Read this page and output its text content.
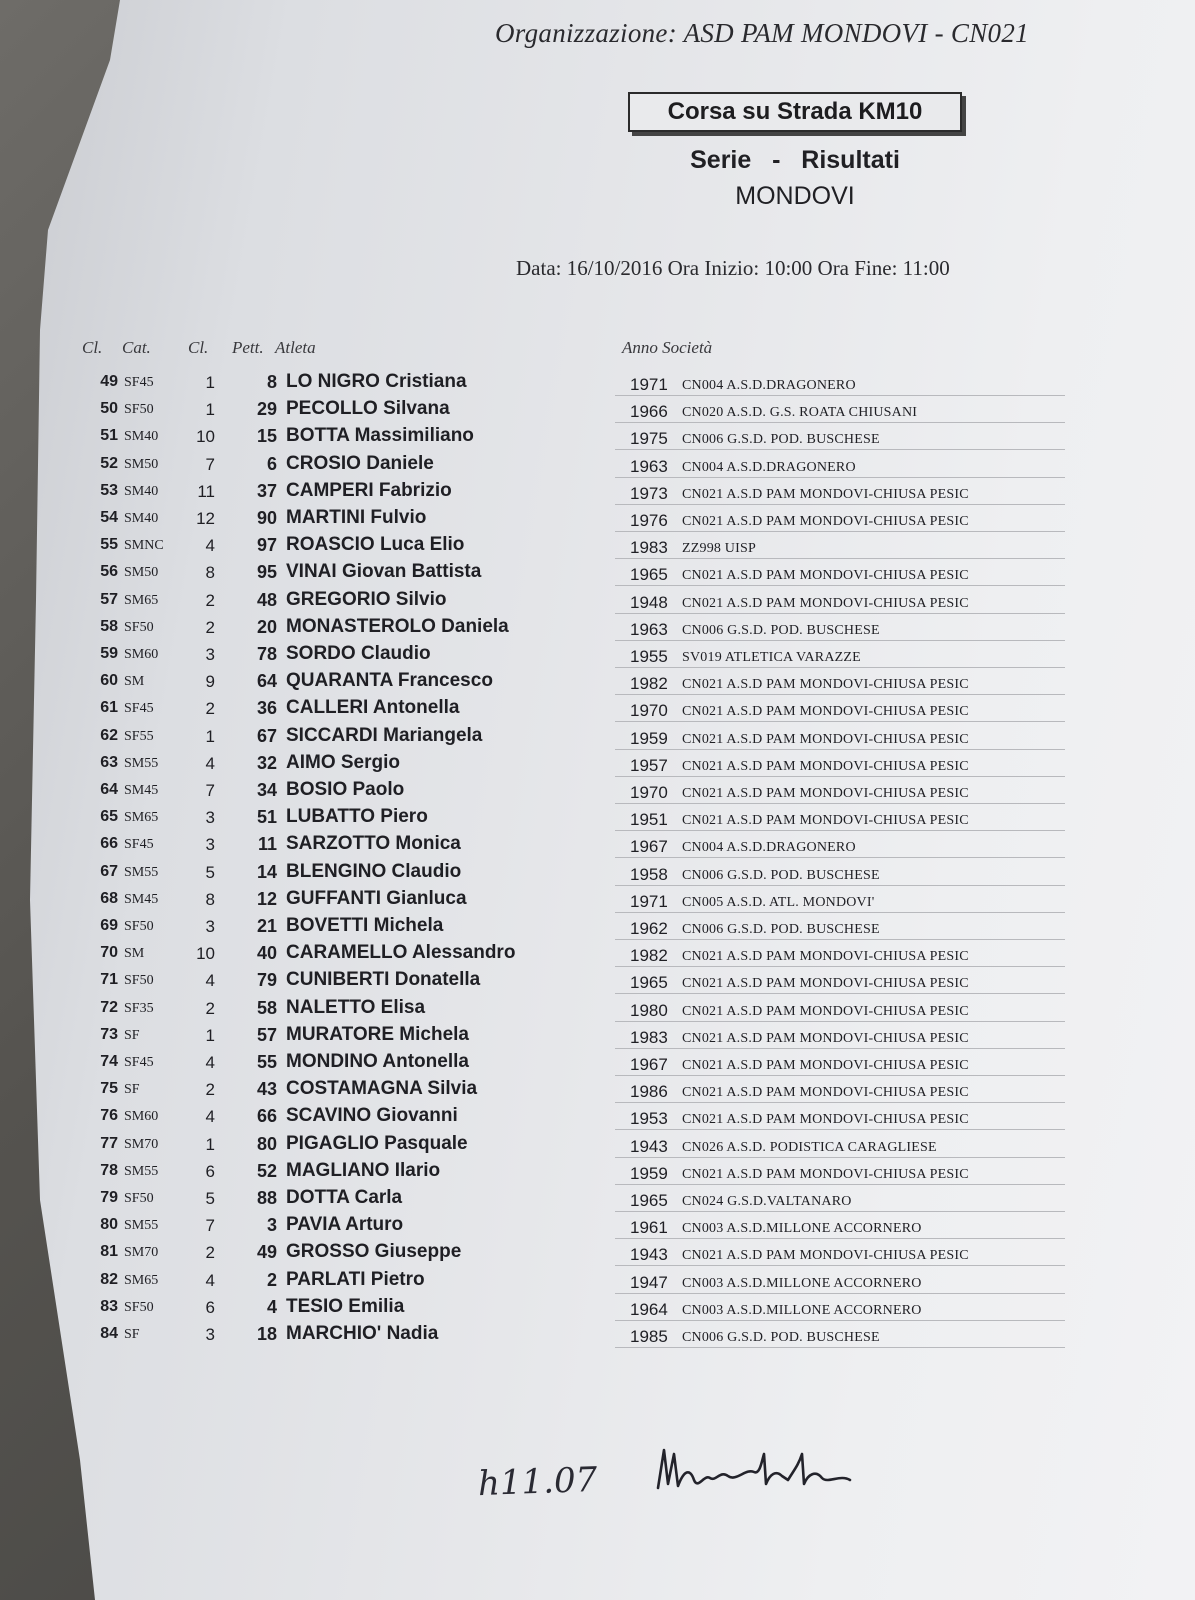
Organizzazione: ASD PAM MONDOVI - CN021
Corsa su Strada KM10
Serie   -   Risultati
MONDOVI
Data: 16/10/2016 Ora Inizio: 10:00 Ora Fine: 11:00
Cl. Cat. Cl. Pett. Atleta	Anno Società
49 SF45	1	8 LO NIGRO Cristiana	1971 CN004 A.S.D.DRAGONERO
50 SF50	1	29 PECOLLO Silvana	1966 CN020 A.S.D. G.S. ROATA CHIUSANI
51 SM40	10	15 BOTTA Massimiliano	1975 CN006 G.S.D. POD. BUSCHESE
52 SM50	7	6 CROSIO Daniele	1963 CN004 A.S.D.DRAGONERO
53 SM40	11	37 CAMPERI Fabrizio	1973 CN021 A.S.D PAM MONDOVI-CHIUSA PESIC
54 SM40	12	90 MARTINI Fulvio	1976 CN021 A.S.D PAM MONDOVI-CHIUSA PESIC
55 SMNC	4	97 ROASCIO Luca Elio	1983 ZZ998 UISP
56 SM50	8	95 VINAI Giovan Battista	1965 CN021 A.S.D PAM MONDOVI-CHIUSA PESIC
57 SM65	2	48 GREGORIO Silvio	1948 CN021 A.S.D PAM MONDOVI-CHIUSA PESIC
58 SF50	2	20 MONASTEROLO Daniela	1963 CN006 G.S.D. POD. BUSCHESE
59 SM60	3	78 SORDO Claudio	1955 SV019 ATLETICA VARAZZE
60 SM	9	64 QUARANTA Francesco	1982 CN021 A.S.D PAM MONDOVI-CHIUSA PESIC
61 SF45	2	36 CALLERI Antonella	1970 CN021 A.S.D PAM MONDOVI-CHIUSA PESIC
62 SF55	1	67 SICCARDI Mariangela	1959 CN021 A.S.D PAM MONDOVI-CHIUSA PESIC
63 SM55	4	32 AIMO Sergio	1957 CN021 A.S.D PAM MONDOVI-CHIUSA PESIC
64 SM45	7	34 BOSIO Paolo	1970 CN021 A.S.D PAM MONDOVI-CHIUSA PESIC
65 SM65	3	51 LUBATTO Piero	1951 CN021 A.S.D PAM MONDOVI-CHIUSA PESIC
66 SF45	3	11 SARZOTTO Monica	1967 CN004 A.S.D.DRAGONERO
67 SM55	5	14 BLENGINO Claudio	1958 CN006 G.S.D. POD. BUSCHESE
68 SM45	8	12 GUFFANTI Gianluca	1971 CN005 A.S.D. ATL. MONDOVI'
69 SF50	3	21 BOVETTI Michela	1962 CN006 G.S.D. POD. BUSCHESE
70 SM	10	40 CARAMELLO Alessandro	1982 CN021 A.S.D PAM MONDOVI-CHIUSA PESIC
71 SF50	4	79 CUNIBERTI Donatella	1965 CN021 A.S.D PAM MONDOVI-CHIUSA PESIC
72 SF35	2	58 NALETTO Elisa	1980 CN021 A.S.D PAM MONDOVI-CHIUSA PESIC
73 SF	1	57 MURATORE Michela	1983 CN021 A.S.D PAM MONDOVI-CHIUSA PESIC
74 SF45	4	55 MONDINO Antonella	1967 CN021 A.S.D PAM MONDOVI-CHIUSA PESIC
75 SF	2	43 COSTAMAGNA Silvia	1986 CN021 A.S.D PAM MONDOVI-CHIUSA PESIC
76 SM60	4	66 SCAVINO Giovanni	1953 CN021 A.S.D PAM MONDOVI-CHIUSA PESIC
77 SM70	1	80 PIGAGLIO Pasquale	1943 CN026 A.S.D. PODISTICA CARAGLIESE
78 SM55	6	52 MAGLIANO Ilario	1959 CN021 A.S.D PAM MONDOVI-CHIUSA PESIC
79 SF50	5	88 DOTTA Carla	1965 CN024 G.S.D.VALTANARO
80 SM55	7	3 PAVIA Arturo	1961 CN003 A.S.D.MILLONE ACCORNERO
81 SM70	2	49 GROSSO Giuseppe	1943 CN021 A.S.D PAM MONDOVI-CHIUSA PESIC
82 SM65	4	2 PARLATI Pietro	1947 CN003 A.S.D.MILLONE ACCORNERO
83 SF50	6	4 TESIO Emilia	1964 CN003 A.S.D.MILLONE ACCORNERO
84 SF	3	18 MARCHIO' Nadia	1985 CN006 G.S.D. POD. BUSCHESE
h11.07
